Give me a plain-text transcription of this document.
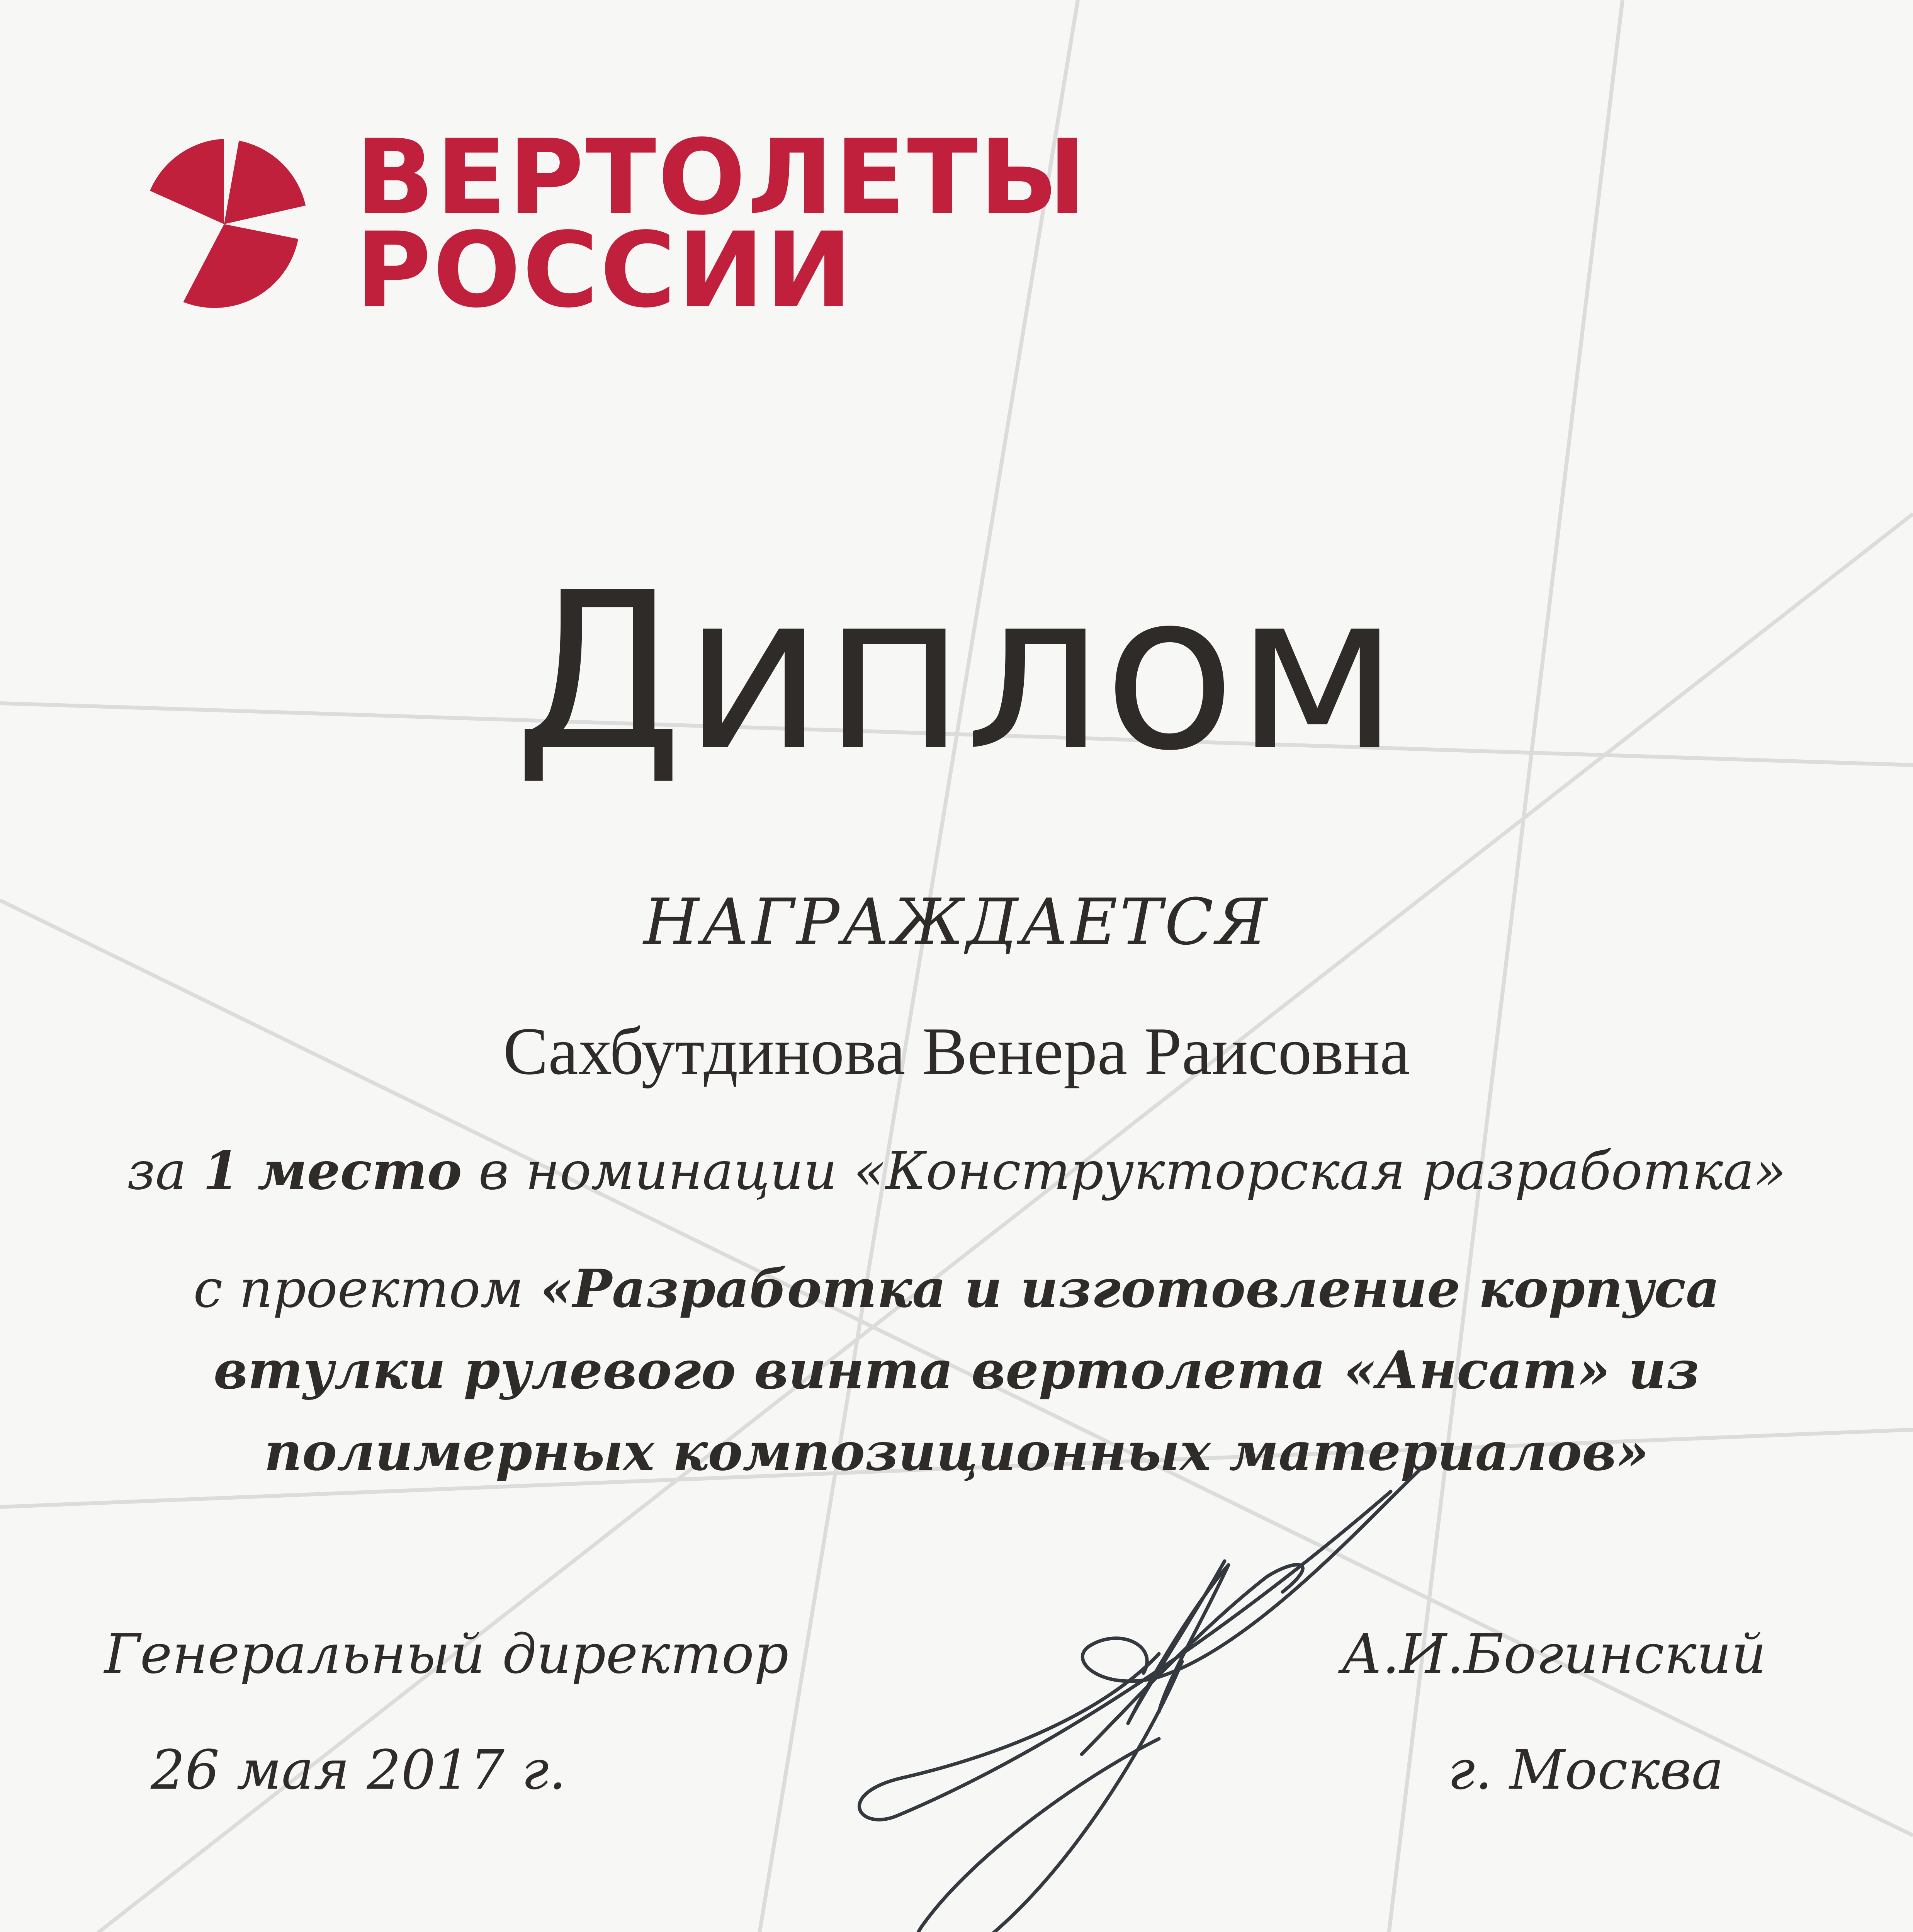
ВЕРТОЛЕТЫ
РОССИИ
Диплом
НАГРАЖДАЕТСЯ
Сахбутдинова Венера Раисовна
за 1 место в номинации «Конструкторская разработка»
с проектом «Разработка и изготовление корпуса втулки рулевого винта вертолета «Ансат» из полимерных композиционных материалов»
Генеральный директор
26 мая 2017 г.
А.И.Богинский
г. Москва
